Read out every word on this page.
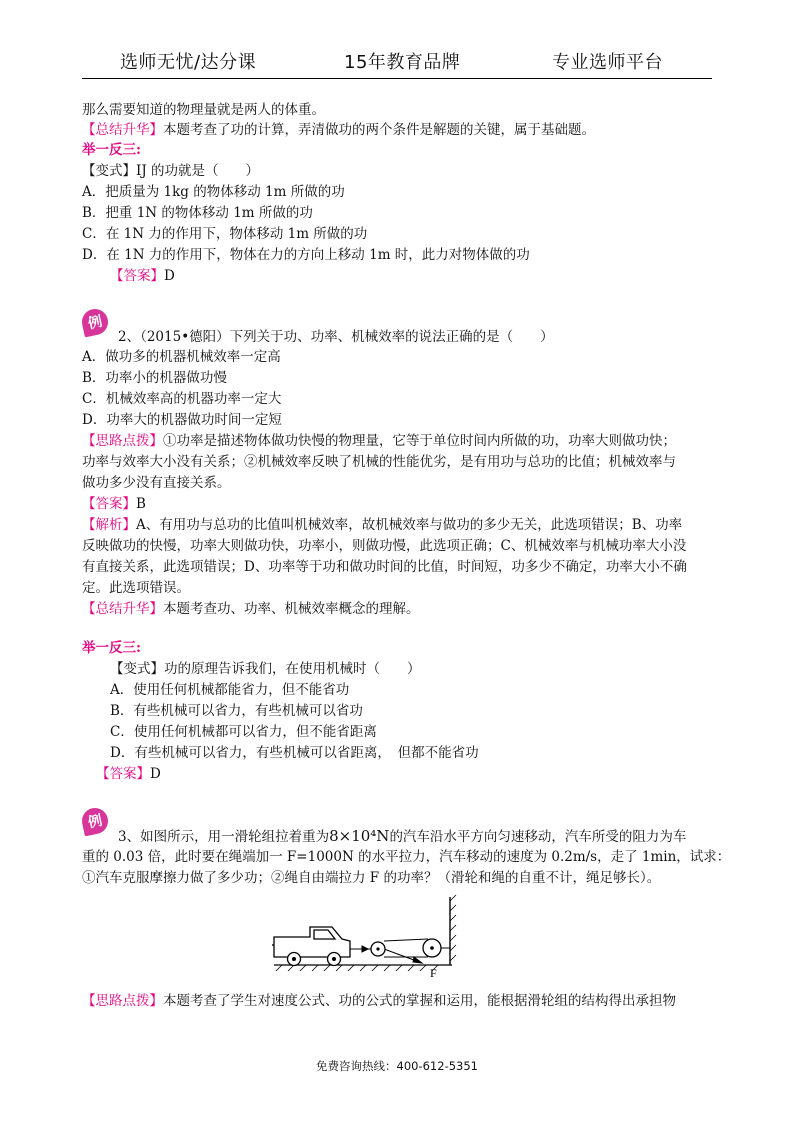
选师无忧/达分课	15年教育品牌	专业选师平台
那么需要知道的物理量就是两人的体重。
【总结升华】本题考查了功的计算，弄清做功的两个条件是解题的关键，属于基础题。
举一反三:
【变式】IJ 的功就是（　　）
A．把质量为 1kg 的物体移动 1m 所做的功
B．把重 1N 的物体移动 1m 所做的功
C．在 1N 力的作用下，物体移动 1m 所做的功
D．在 1N 力的作用下，物体在力的方向上移动 1m 时，此力对物体做的功
【答案】D
例
2、（2015•德阳）下列关于功、功率、机械效率的说法正确的是（　　）
A．做功多的机器机械效率一定高
B．功率小的机器做功慢
C．机械效率高的机器功率一定大
D．功率大的机器做功时间一定短
【思路点拨】①功率是描述物体做功快慢的物理量，它等于单位时间内所做的功，功率大则做功快；
功率与效率大小没有关系；②机械效率反映了机械的性能优劣，是有用功与总功的比值；机械效率与
做功多少没有直接关系。
【答案】B
【解析】A、有用功与总功的比值叫机械效率，故机械效率与做功的多少无关，此选项错误；B、功率
反映做功的快慢，功率大则做功快，功率小，则做功慢，此选项正确；C、机械效率与机械功率大小没
有直接关系，此选项错误；D、功率等于功和做功时间的比值，时间短，功多少不确定，功率大小不确
定。此选项错误。
【总结升华】本题考查功、功率、机械效率概念的理解。
举一反三:
【变式】功的原理告诉我们，在使用机械时（　　）
A．使用任何机械都能省力，但不能省功
B．有些机械可以省力，有些机械可以省功
C．使用任何机械都可以省力，但不能省距离
D．有些机械可以省力，有些机械可以省距离，　但都不能省功
【答案】D
例
3、如图所示，用一滑轮组拉着重为8×10⁴N的汽车沿水平方向匀速移动，汽车所受的阻力为车
重的 0.03 倍，此时要在绳端加一 F=1000N 的水平拉力，汽车移动的速度为 0.2m/s，走了 1min，试求：
①汽车克服摩擦力做了多少功；②绳自由端拉力 F 的功率？（滑轮和绳的自重不计，绳足够长）。
F
【思路点拨】本题考查了学生对速度公式、功的公式的掌握和运用，能根据滑轮组的结构得出承担物
免费咨询热线：400-612-5351
